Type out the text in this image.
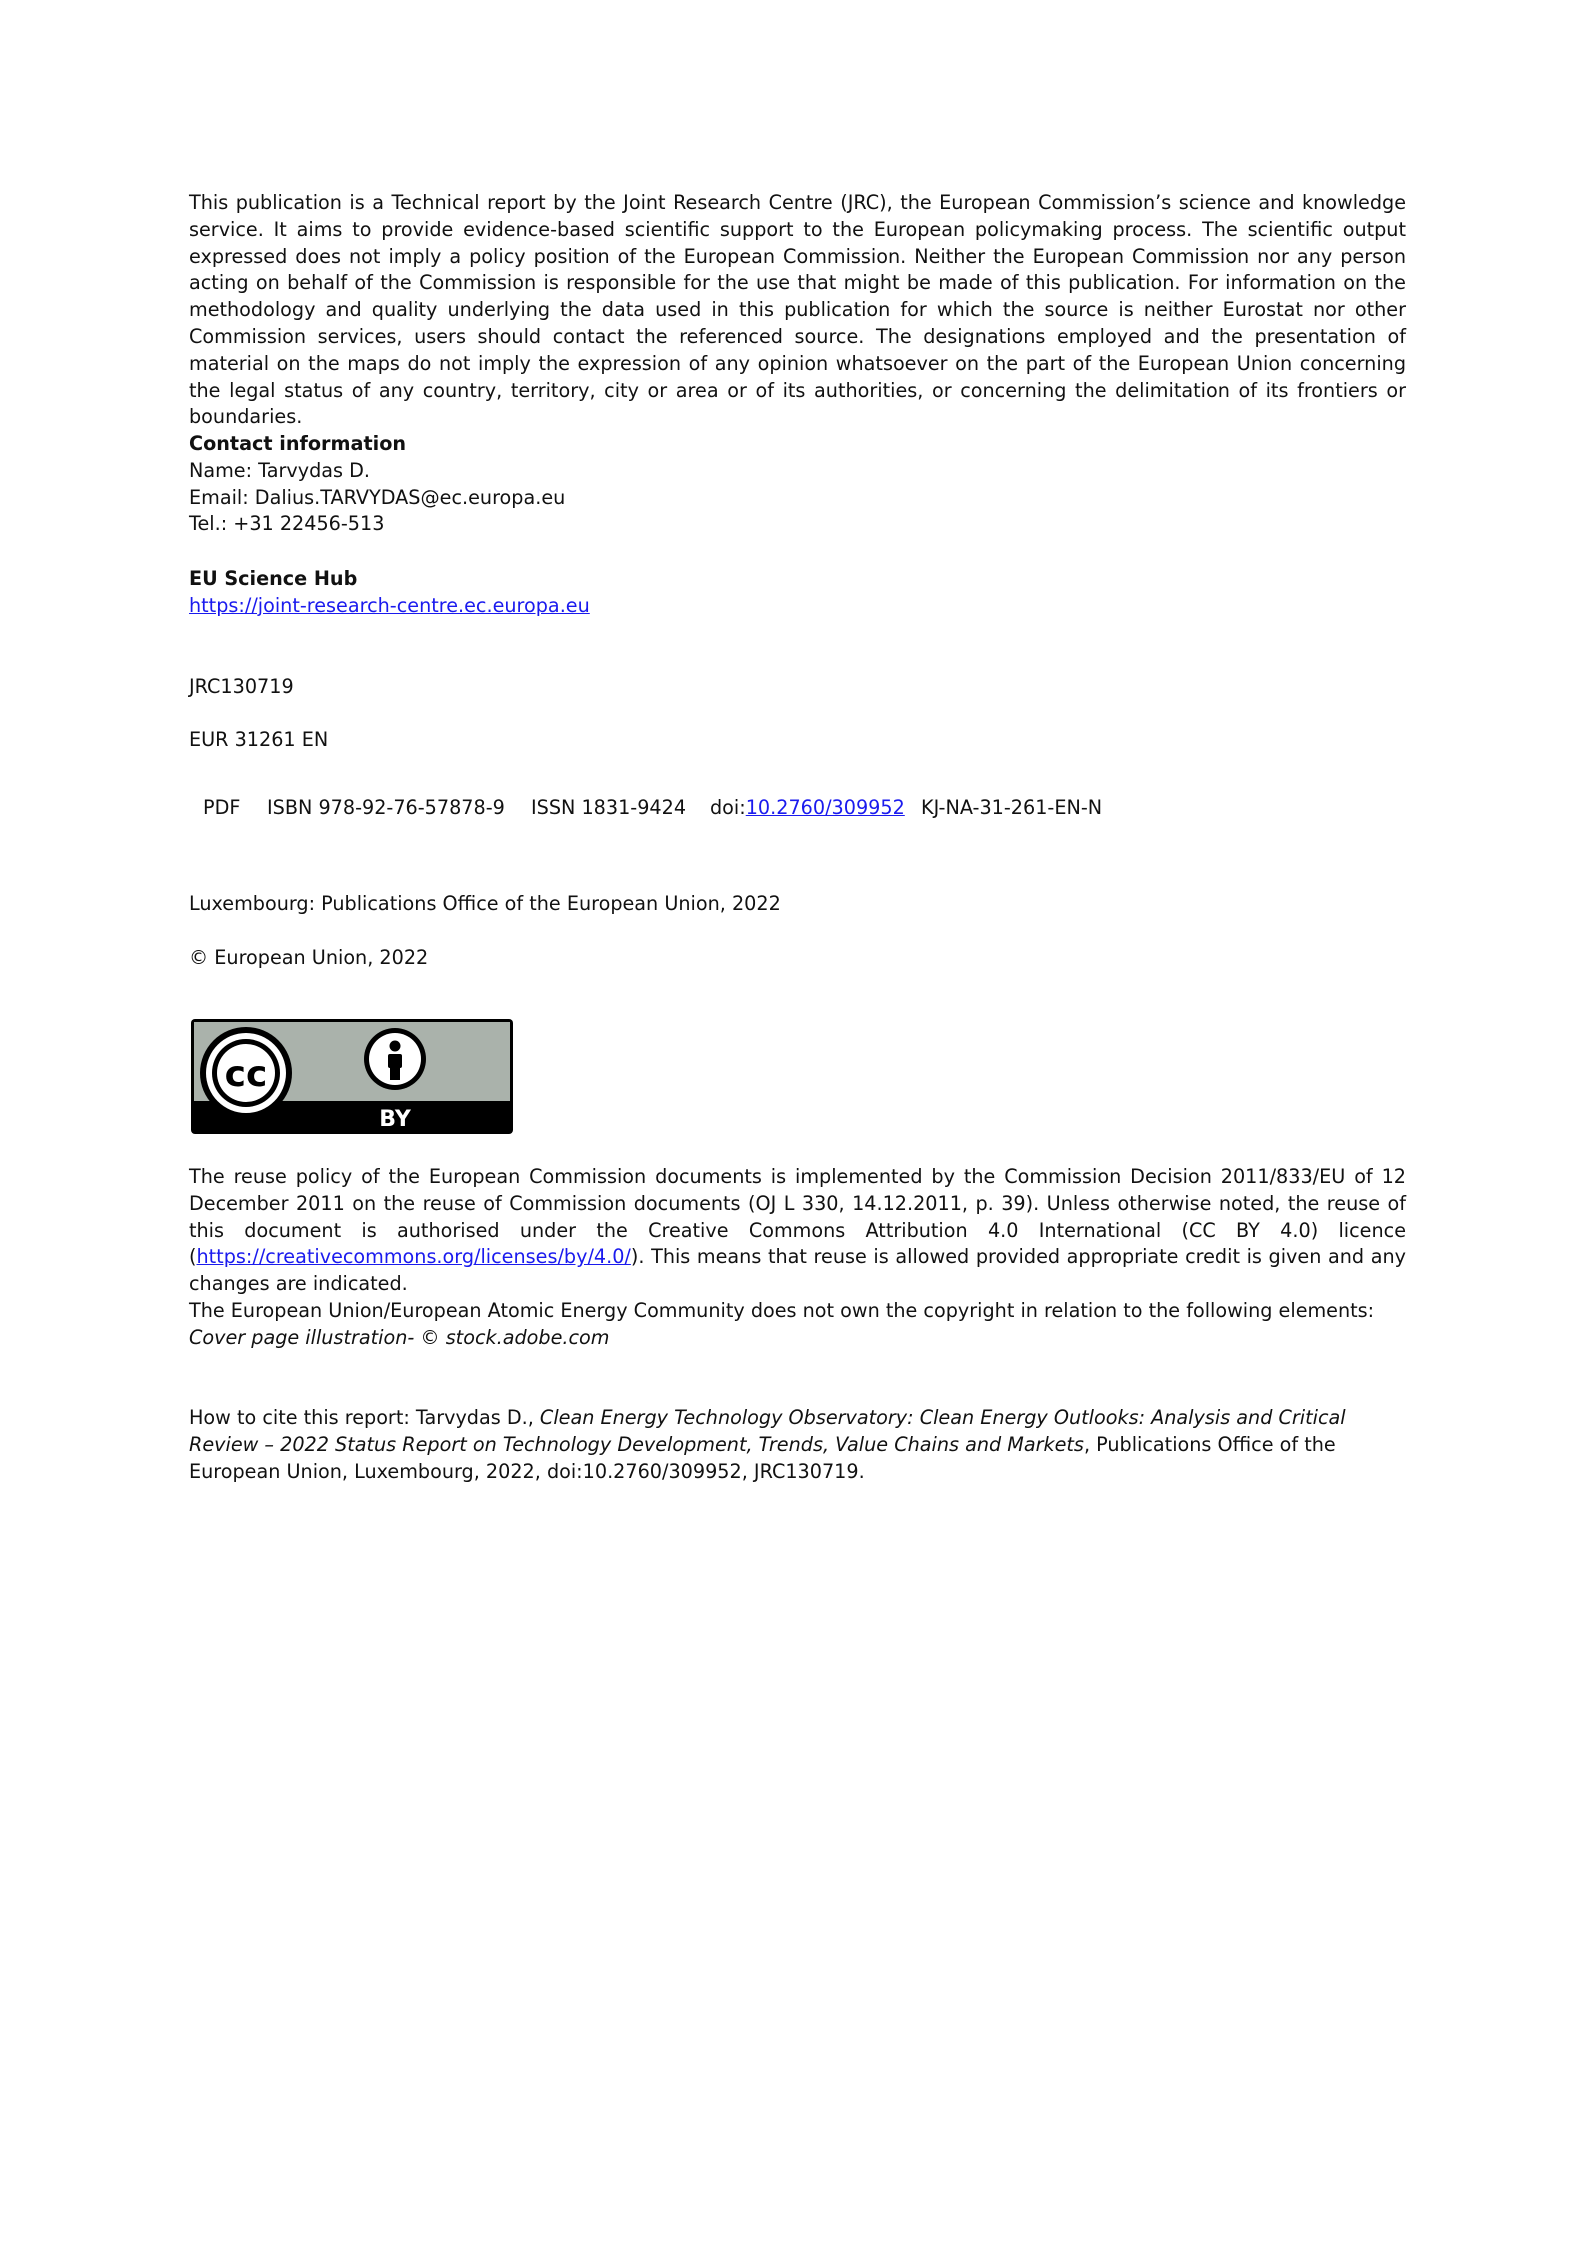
This publication is a Technical report by the Joint Research Centre (JRC), the European Commission’s science and knowledge service. It aims to provide evidence-based scientific support to the European policymaking process. The scientific output expressed does not imply a policy position of the European Commission. Neither the European Commission nor any person acting on behalf of the Commission is responsible for the use that might be made of this publication. For information on the methodology and quality underlying the data used in this publication for which the source is neither Eurostat nor other Commission services, users should contact the referenced source. The designations employed and the presentation of material on the maps do not imply the expression of any opinion whatsoever on the part of the European Union concerning the legal status of any country, territory, city or area or of its authorities, or concerning the delimitation of its frontiers or boundaries.

Contact information
Name: Tarvydas D.
Email: Dalius.TARVYDAS@ec.europa.eu
Tel.: +31 22456-513
EU Science Hub
https://joint-research-centre.ec.europa.eu
JRC130719
EUR 31261 EN
PDF ISBN 978-92-76-57878-9 ISSN 1831-9424 doi:10.2760/309952 KJ-NA-31-261-EN-N
Luxembourg: Publications Office of the European Union, 2022
© European Union, 2022
cc
BY

The reuse policy of the European Commission documents is implemented by the Commission Decision 2011/833/EU of 12 December 2011 on the reuse of Commission documents (OJ L 330, 14.12.2011, p. 39). Unless otherwise noted, the reuse of this document is authorised under the Creative Commons Attribution 4.0 International (CC BY 4.0) licence (https://creativecommons.org/licenses/by/4.0/). This means that reuse is allowed provided appropriate credit is given and any changes are indicated.

The European Union/European Atomic Energy Community does not own the copyright in relation to the following elements:
Cover page illustration- © stock.adobe.com

How to cite this report: Tarvydas D., Clean Energy Technology Observatory: Clean Energy Outlooks: Analysis and Critical Review – 2022 Status Report on Technology Development, Trends, Value Chains and Markets, Publications Office of the European Union, Luxembourg, 2022, doi:10.2760/309952, JRC130719.
